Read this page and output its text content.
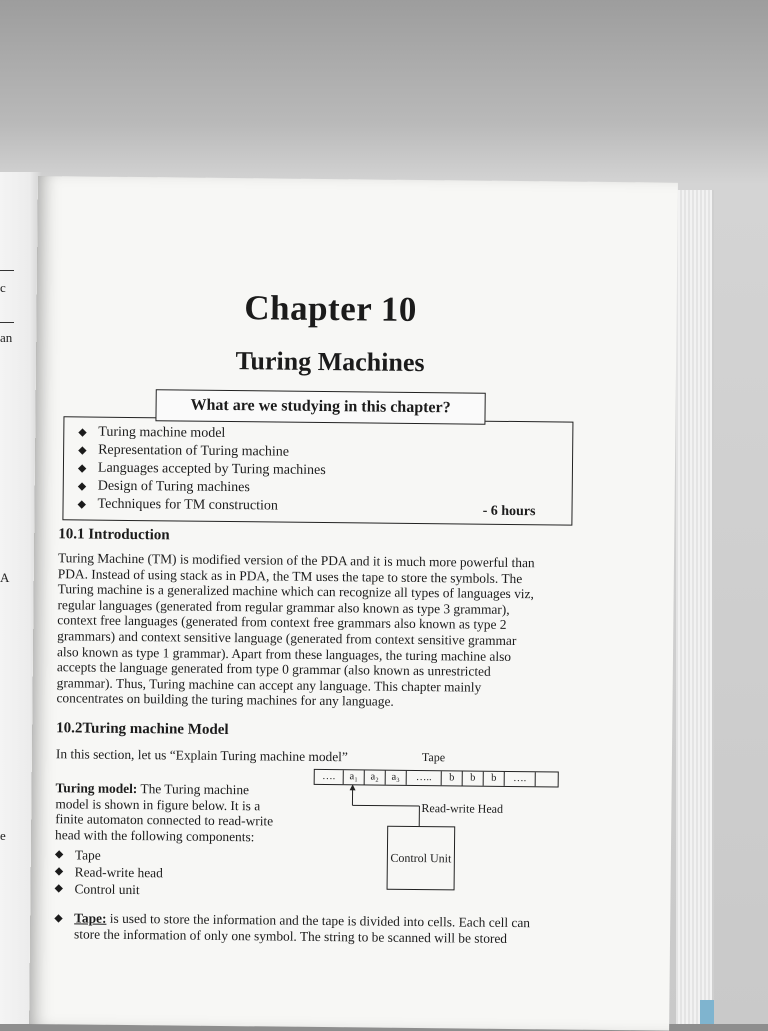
c
an
A
e
Chapter 10
Turing Machines
What are we studying in this chapter?
◆ Turing machine model
◆ Representation of Turing machine
◆ Languages accepted by Turing machines
◆ Design of Turing machines
◆ Techniques for TM construction	- 6 hours
10.1 Introduction
Turing Machine (TM) is modified version of the PDA and it is much more powerful than
PDA. Instead of using stack as in PDA, the TM uses the tape to store the symbols. The
Turing machine is a generalized machine which can recognize all types of languages viz,
regular languages (generated from regular grammar also known as type 3 grammar),
context free languages (generated from context free grammars also known as type 2
grammars) and context sensitive language (generated from context sensitive grammar
also known as type 1 grammar). Apart from these languages, the turing machine also
accepts the language generated from type 0 grammar (also known as unrestricted
grammar). Thus, Turing machine can accept any language. This chapter mainly
concentrates on building the turing machines for any language.
10.2Turing machine Model
In this section, let us “Explain Turing machine model”
Turing model: The Turing machine
model is shown in figure below. It is a
finite automaton connected to read-write
head with the following components:
◆ Tape
◆ Read-write head
◆ Control unit
Tape
….	a₁	a₂	a₃	…..	b	b	b	….
Read-write Head
Control Unit
◆ Tape: is used to store the information and the tape is divided into cells. Each cell can
store the information of only one symbol. The string to be scanned will be stored
